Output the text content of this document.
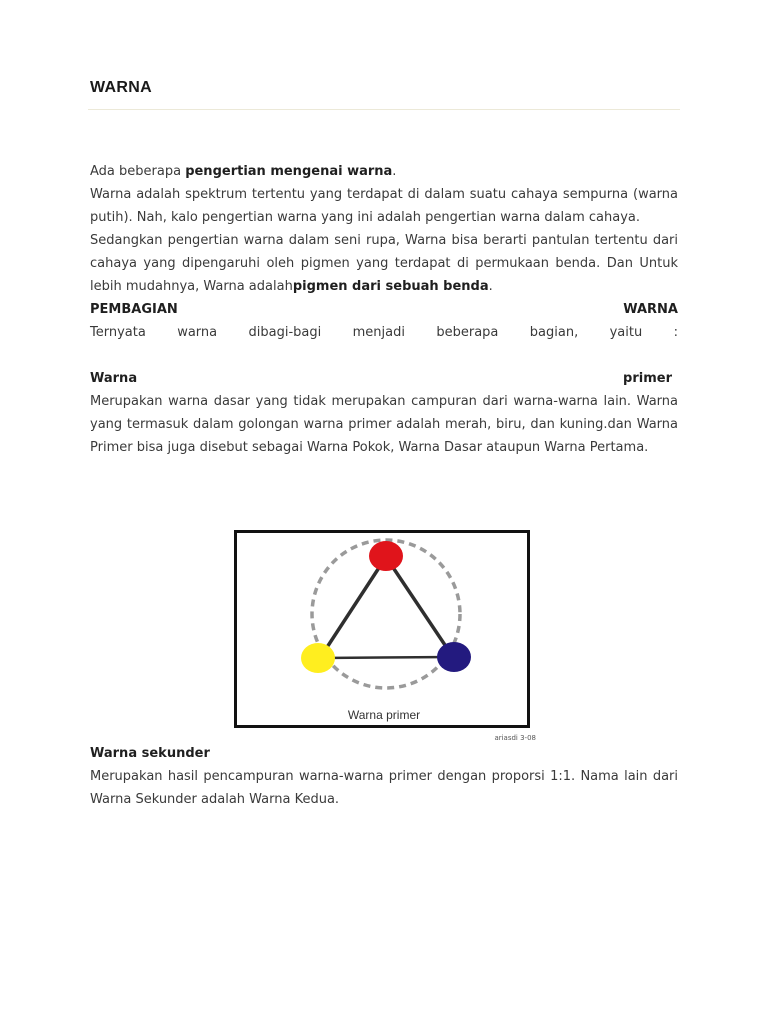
WARNA

Ada beberapa pengertian mengenai warna.

Warna adalah spektrum tertentu yang terdapat di dalam suatu cahaya sempurna (warna putih). Nah, kalo pengertian warna yang ini adalah pengertian warna dalam cahaya.

Sedangkan pengertian warna dalam seni rupa, Warna bisa berarti pantulan tertentu dari cahaya yang dipengaruhi oleh pigmen yang terdapat di permukaan benda. Dan Untuk lebih mudahnya, Warna adalahpigmen dari sebuah benda.

PEMBAGIAN WARNA

Ternyata warna dibagi-bagi menjadi beberapa bagian, yaitu :

Warna primer

Merupakan warna dasar yang tidak merupakan campuran dari warna-warna lain. Warna yang termasuk dalam golongan warna primer adalah merah, biru, dan kuning.dan Warna Primer bisa juga disebut sebagai Warna Pokok, Warna Dasar ataupun Warna Pertama.

Warna primer
ariasdi 3-08

Warna sekunder

Merupakan hasil pencampuran warna-warna primer dengan proporsi 1:1. Nama lain dari Warna Sekunder adalah Warna Kedua.
